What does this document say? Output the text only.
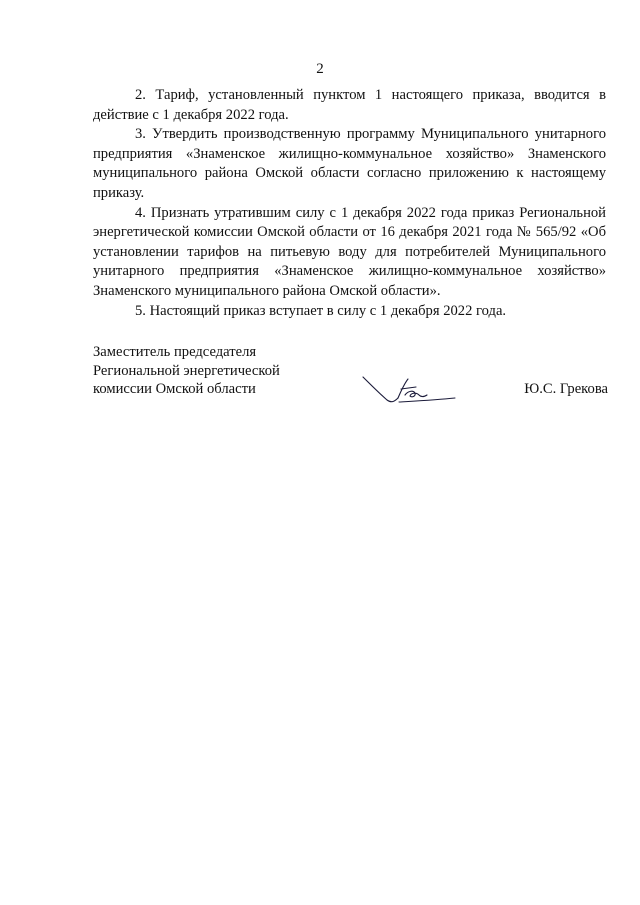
2

2. Тариф, установленный пунктом 1 настоящего приказа, вводится в действие с 1 декабря 2022 года.

3. Утвердить производственную программу Муниципального унитарного предприятия «Знаменское жилищно-коммунальное хозяйство» Знаменского муниципального района Омской области согласно приложению к настоящему приказу.

4. Признать утратившим силу с 1 декабря 2022 года приказ Региональной энергетической комиссии Омской области от 16 декабря 2021 года № 565/92 «Об установлении тарифов на питьевую воду для потребителей Муниципального унитарного предприятия «Знаменское жилищно-коммунальное хозяйство» Знаменского муниципального района Омской области».

5. Настоящий приказ вступает в силу с 1 декабря 2022 года.

Заместитель председателя
Региональной энергетической
комиссии Омской области	Ю.С. Грекова
